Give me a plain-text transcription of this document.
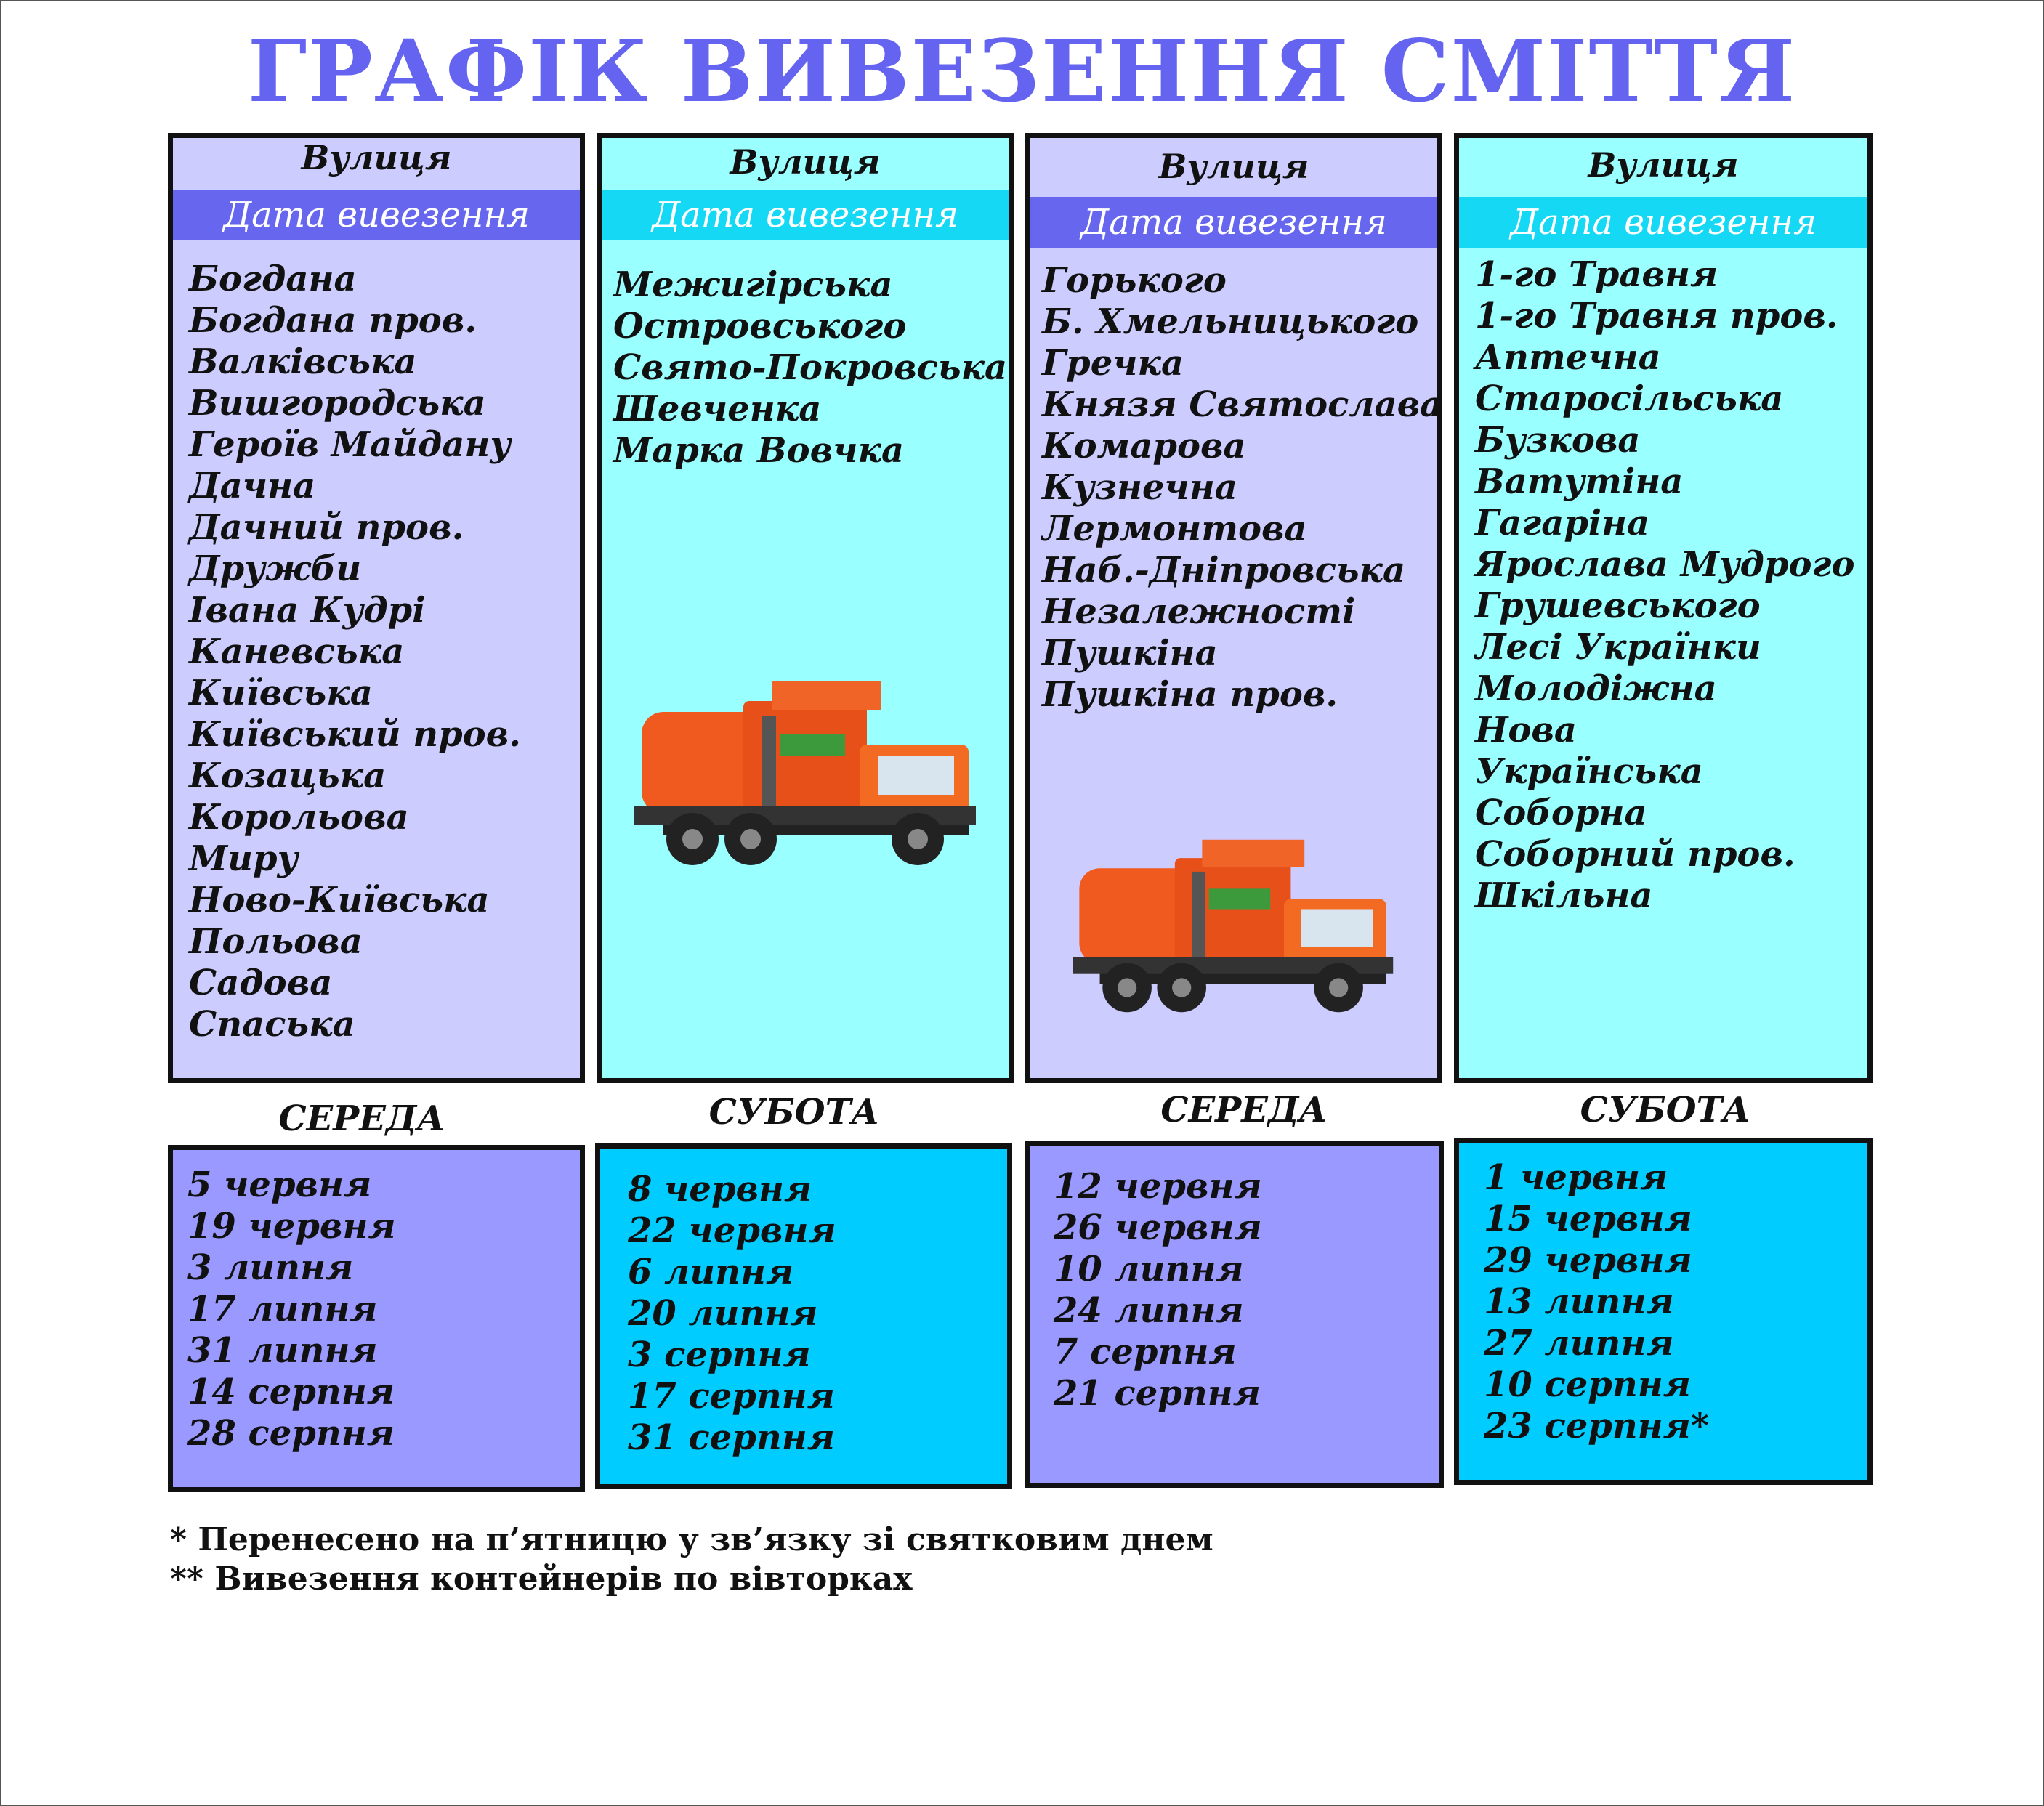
ГРАФІК ВИВЕЗЕННЯ СМІТТЯ
Вулиця
Дата вивезення
Богдана
Богдана пров.
Валківська
Вишгородська
Героїв Майдану
Дачна
Дачний пров.
Дружби
Івана Кудрі
Каневська
Київська
Київський пров.
Козацька
Корольова
Миру
Ново-Київська
Польова
Садова
Спаська
Вулиця
Дата вивезення
Межигірська
Островського
Свято-Покровська
Шевченка
Марка Вовчка
Вулиця
Дата вивезення
Горького
Б. Хмельницького
Гречка
Князя Святослава
Комарова
Кузнечна
Лермонтова
Наб.-Дніпровська
Незалежності
Пушкіна
Пушкіна пров.
Вулиця
Дата вивезення
1-го Травня
1-го Травня пров.
Аптечна
Старосільська
Бузкова
Ватутіна
Гагаріна
Ярослава Мудрого
Грушевського
Лесі Українки
Молодіжна
Нова
Українська
Соборна
Соборний пров.
Шкільна
СЕРЕДА	СУБОТА	СЕРЕДА	СУБОТА
5 червня
19 червня
3 липня
17 липня
31 липня
14 серпня
28 серпня
8 червня
22 червня
6 липня
20 липня
3 серпня
17 серпня
31 серпня
12 червня
26 червня
10 липня
24 липня
7 серпня
21 серпня
1 червня
15 червня
29 червня
13 липня
27 липня
10 серпня
23 серпня*
* Перенесено на п’ятницю у зв’язку зі святковим днем
** Вивезення контейнерів по вівторках
